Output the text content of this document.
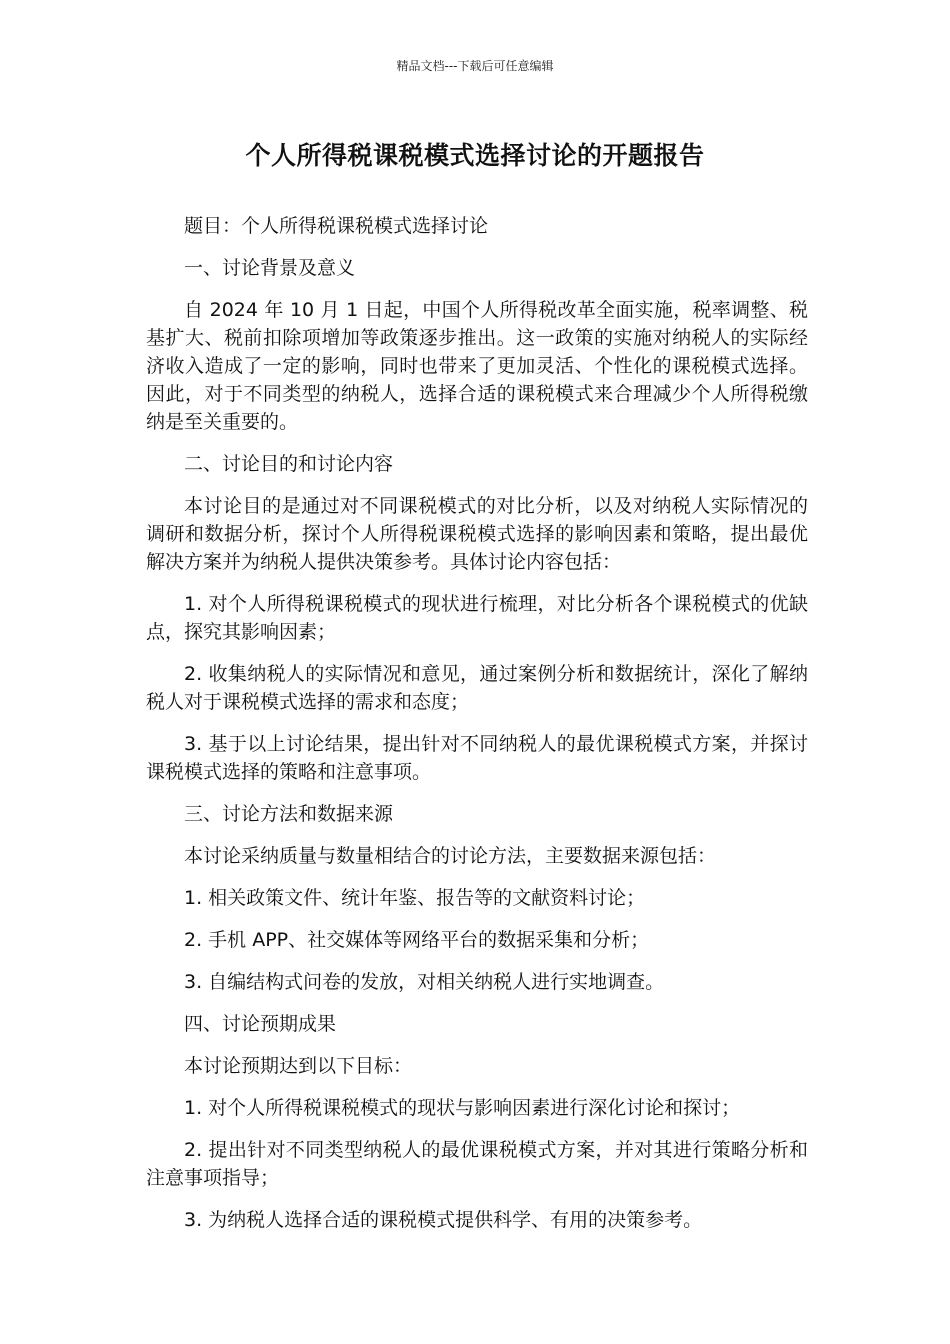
精品文档---下载后可任意编辑
个人所得税课税模式选择讨论的开题报告

题目：个人所得税课税模式选择讨论

一、讨论背景及意义

自 2024 年 10 月 1 日起，中国个人所得税改革全面实施，税率调整、税基扩大、税前扣除项增加等政策逐步推出。这一政策的实施对纳税人的实际经济收入造成了一定的影响，同时也带来了更加灵活、个性化的课税模式选择。因此，对于不同类型的纳税人，选择合适的课税模式来合理减少个人所得税缴纳是至关重要的。

二、讨论目的和讨论内容

本讨论目的是通过对不同课税模式的对比分析，以及对纳税人实际情况的调研和数据分析，探讨个人所得税课税模式选择的影响因素和策略，提出最优解决方案并为纳税人提供决策参考。具体讨论内容包括：

1. 对个人所得税课税模式的现状进行梳理，对比分析各个课税模式的优缺点，探究其影响因素；

2. 收集纳税人的实际情况和意见，通过案例分析和数据统计，深化了解纳税人对于课税模式选择的需求和态度；

3. 基于以上讨论结果，提出针对不同纳税人的最优课税模式方案，并探讨课税模式选择的策略和注意事项。

三、讨论方法和数据来源

本讨论采纳质量与数量相结合的讨论方法，主要数据来源包括：

1. 相关政策文件、统计年鉴、报告等的文献资料讨论；

2. 手机 APP、社交媒体等网络平台的数据采集和分析；

3. 自编结构式问卷的发放，对相关纳税人进行实地调查。

四、讨论预期成果

本讨论预期达到以下目标：

1. 对个人所得税课税模式的现状与影响因素进行深化讨论和探讨；

2. 提出针对不同类型纳税人的最优课税模式方案，并对其进行策略分析和注意事项指导；

3. 为纳税人选择合适的课税模式提供科学、有用的决策参考。
